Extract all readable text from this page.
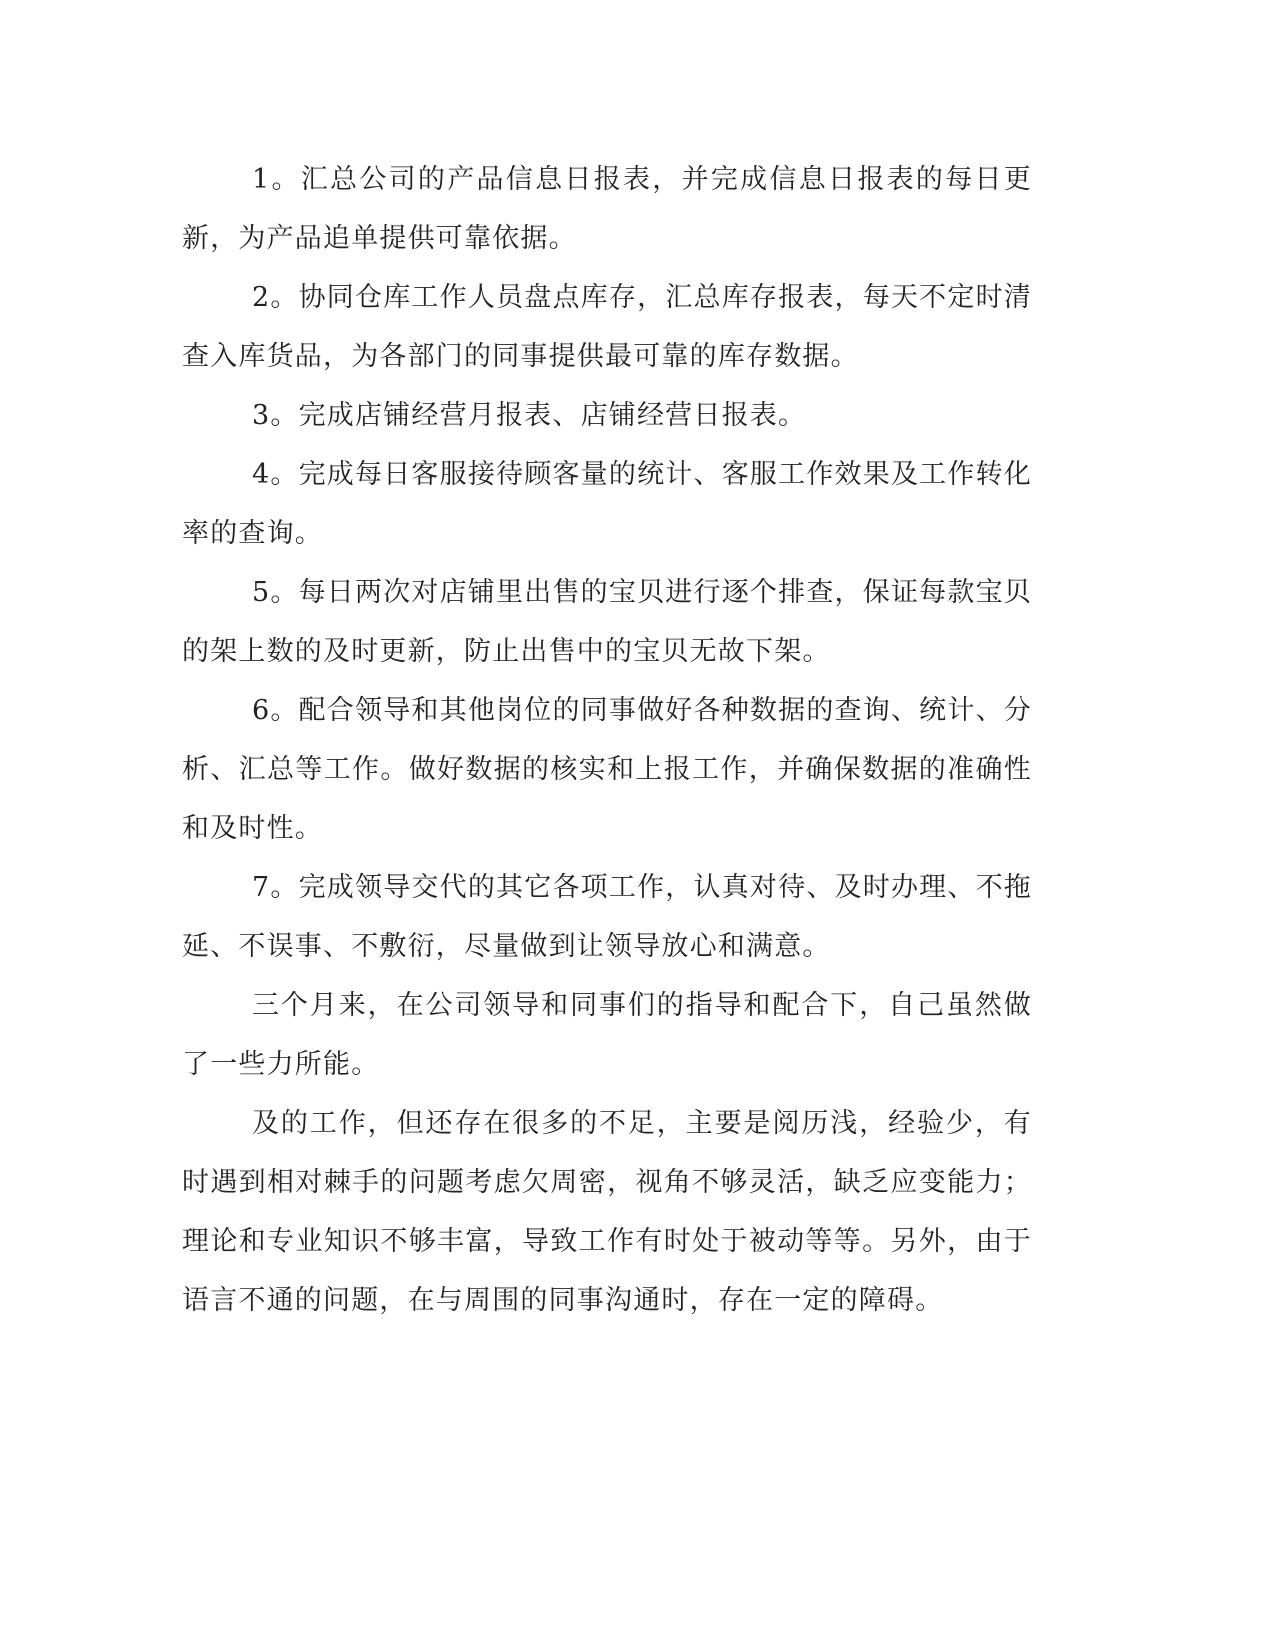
1。汇总公司的产品信息日报表，并完成信息日报表的每日更新，为产品追单提供可靠依据。

2。协同仓库工作人员盘点库存，汇总库存报表，每天不定时清查入库货品，为各部门的同事提供最可靠的库存数据。

3。完成店铺经营月报表、店铺经营日报表。

4。完成每日客服接待顾客量的统计、客服工作效果及工作转化率的查询。

5。每日两次对店铺里出售的宝贝进行逐个排查，保证每款宝贝的架上数的及时更新，防止出售中的宝贝无故下架。

6。配合领导和其他岗位的同事做好各种数据的查询、统计、分析、汇总等工作。做好数据的核实和上报工作，并确保数据的准确性和及时性。

7。完成领导交代的其它各项工作，认真对待、及时办理、不拖延、不误事、不敷衍，尽量做到让领导放心和满意。

三个月来，在公司领导和同事们的指导和配合下，自己虽然做了一些力所能。

及的工作，但还存在很多的不足，主要是阅历浅，经验少，有时遇到相对棘手的问题考虑欠周密，视角不够灵活，缺乏应变能力；理论和专业知识不够丰富，导致工作有时处于被动等等。另外，由于语言不通的问题，在与周围的同事沟通时，存在一定的障碍。
